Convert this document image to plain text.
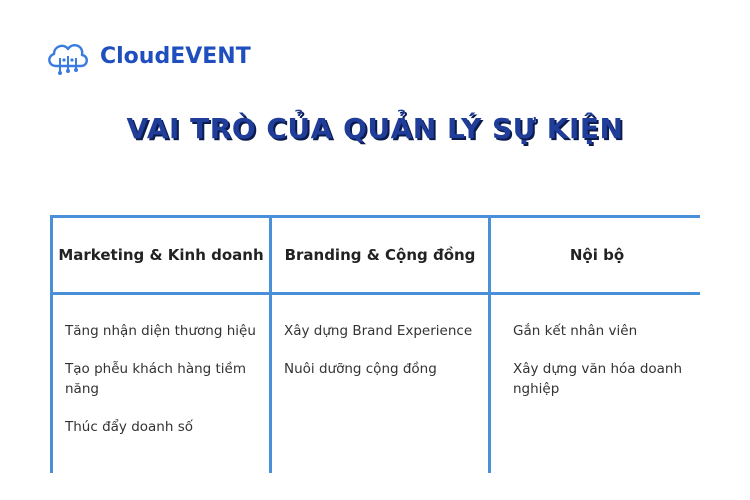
CloudEVENT
VAI TRÒ CỦA QUẢN LÝ SỰ KIỆN
Marketing & Kinh doanh	Branding & Cộng đồng	Nội bộ
Tăng nhận diện thương hiệu
Tạo phễu khách hàng tiềm năng
Thúc đẩy doanh số
Xây dựng Brand Experience
Nuôi dưỡng cộng đồng
Gắn kết nhân viên
Xây dựng văn hóa doanh nghiệp
